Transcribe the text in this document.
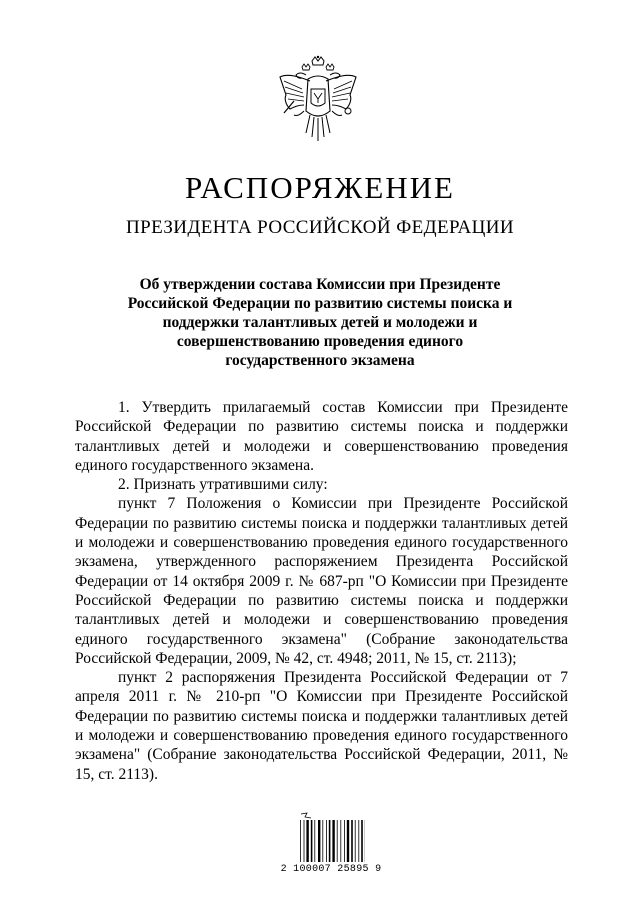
РАСПОРЯЖЕНИЕ
ПРЕЗИДЕНТА РОССИЙСКОЙ ФЕДЕРАЦИИ
Об утверждении состава Комиссии при Президенте
Российской Федерации по развитию системы поиска и
поддержки талантливых детей и молодежи и
совершенствованию проведения единого
государственного экзамена

1. Утвердить прилагаемый состав Комиссии при Президенте Российской Федерации по развитию системы поиска и поддержки талантливых детей и молодежи и совершенствованию проведения единого государственного экзамена.

2. Признать утратившими силу:

пункт 7 Положения о Комиссии при Президенте Российской Федерации по развитию системы поиска и поддержки талантливых детей и молодежи и совершенствованию проведения единого государственного экзамена, утвержденного распоряжением Президента Российской Федерации от 14 октября 2009 г. № 687-рп "О Комиссии при Президенте Российской Федерации по развитию системы поиска и поддержки талантливых детей и молодежи и совершенствованию проведения единого государственного экзамена" (Собрание законодательства Российской Федерации, 2009, № 42, ст. 4948; 2011, № 15, ст. 2113);

пункт 2 распоряжения Президента Российской Федерации от 7 апреля 2011 г. № 210-рп "О Комиссии при Президенте Российской Федерации по развитию системы поиска и поддержки талантливых детей и молодежи и совершенствованию проведения единого государственного экзамена" (Собрание законодательства Российской Федерации, 2011, № 15, ст. 2113).

2 100007 25895 9
